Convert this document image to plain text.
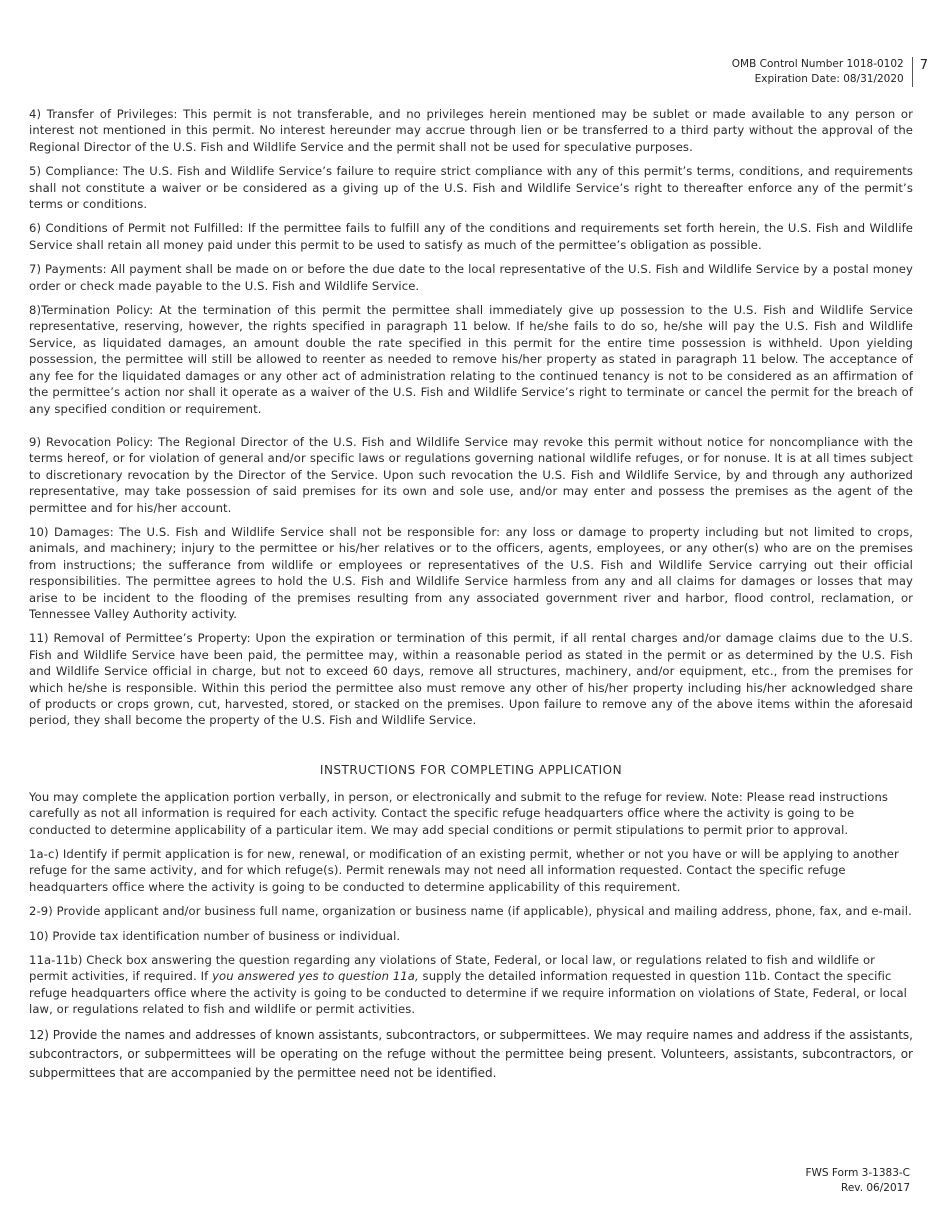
OMB Control Number 1018-0102
Expiration Date: 08/31/2020
7

4) Transfer of Privileges: This permit is not transferable, and no privileges herein mentioned may be sublet or made available to any person or interest not mentioned in this permit. No interest hereunder may accrue through lien or be transferred to a third party without the approval of the Regional Director of the U.S. Fish and Wildlife Service and the permit shall not be used for speculative purposes.

5) Compliance: The U.S. Fish and Wildlife Service’s failure to require strict compliance with any of this permit’s terms, conditions, and requirements shall not constitute a waiver or be considered as a giving up of the U.S. Fish and Wildlife Service’s right to thereafter enforce any of the permit’s terms or conditions.

6) Conditions of Permit not Fulfilled: If the permittee fails to fulfill any of the conditions and requirements set forth herein, the U.S. Fish and Wildlife Service shall retain all money paid under this permit to be used to satisfy as much of the permittee’s obligation as possible.

7) Payments: All payment shall be made on or before the due date to the local representative of the U.S. Fish and Wildlife Service by a postal money order or check made payable to the U.S. Fish and Wildlife Service.

8)Termination Policy: At the termination of this permit the permittee shall immediately give up possession to the U.S. Fish and Wildlife Service representative, reserving, however, the rights specified in paragraph 11 below. If he/she fails to do so, he/she will pay the U.S. Fish and Wildlife Service, as liquidated damages, an amount double the rate specified in this permit for the entire time possession is withheld. Upon yielding possession, the permittee will still be allowed to reenter as needed to remove his/her property as stated in paragraph 11 below. The acceptance of any fee for the liquidated damages or any other act of administration relating to the continued tenancy is not to be considered as an affirmation of the permittee’s action nor shall it operate as a waiver of the U.S. Fish and Wildlife Service’s right to terminate or cancel the permit for the breach of any specified condition or requirement.

9) Revocation Policy: The Regional Director of the U.S. Fish and Wildlife Service may revoke this permit without notice for noncompliance with the terms hereof, or for violation of general and/or specific laws or regulations governing national wildlife refuges, or for nonuse. It is at all times subject to discretionary revocation by the Director of the Service. Upon such revocation the U.S. Fish and Wildlife Service, by and through any authorized representative, may take possession of said premises for its own and sole use, and/or may enter and possess the premises as the agent of the permittee and for his/her account.

10) Damages: The U.S. Fish and Wildlife Service shall not be responsible for: any loss or damage to property including but not limited to crops, animals, and machinery; injury to the permittee or his/her relatives or to the officers, agents, employees, or any other(s) who are on the premises from instructions; the sufferance from wildlife or employees or representatives of the U.S. Fish and Wildlife Service carrying out their official responsibilities. The permittee agrees to hold the U.S. Fish and Wildlife Service harmless from any and all claims for damages or losses that may arise to be incident to the flooding of the premises resulting from any associated government river and harbor, flood control, reclamation, or Tennessee Valley Authority activity.

11) Removal of Permittee’s Property: Upon the expiration or termination of this permit, if all rental charges and/or damage claims due to the U.S. Fish and Wildlife Service have been paid, the permittee may, within a reasonable period as stated in the permit or as determined by the U.S. Fish and Wildlife Service official in charge, but not to exceed 60 days, remove all structures, machinery, and/or equipment, etc., from the premises for which he/she is responsible. Within this period the permittee also must remove any other of his/her property including his/her acknowledged share of products or crops grown, cut, harvested, stored, or stacked on the premises. Upon failure to remove any of the above items within the aforesaid period, they shall become the property of the U.S. Fish and Wildlife Service.

INSTRUCTIONS FOR COMPLETING APPLICATION

You may complete the application portion verbally, in person, or electronically and submit to the refuge for review. Note: Please read instructions carefully as not all information is required for each activity. Contact the specific refuge headquarters office where the activity is going to be conducted to determine applicability of a particular item. We may add special conditions or permit stipulations to permit prior to approval.

1a-c) Identify if permit application is for new, renewal, or modification of an existing permit, whether or not you have or will be applying to another refuge for the same activity, and for which refuge(s). Permit renewals may not need all information requested. Contact the specific refuge headquarters office where the activity is going to be conducted to determine applicability of this requirement.

2-9) Provide applicant and/or business full name, organization or business name (if applicable), physical and mailing address, phone, fax, and e-mail.

10) Provide tax identification number of business or individual.

11a-11b) Check box answering the question regarding any violations of State, Federal, or local law, or regulations related to fish and wildlife or permit activities, if required. If you answered yes to question 11a, supply the detailed information requested in question 11b. Contact the specific refuge headquarters office where the activity is going to be conducted to determine if we require information on violations of State, Federal, or local law, or regulations related to fish and wildlife or permit activities.

12) Provide the names and addresses of known assistants, subcontractors, or subpermittees. We may require names and address if the assistants, subcontractors, or subpermittees will be operating on the refuge without the permittee being present. Volunteers, assistants, subcontractors, or subpermittees that are accompanied by the permittee need not be identified.

FWS Form 3-1383-C
Rev. 06/2017
